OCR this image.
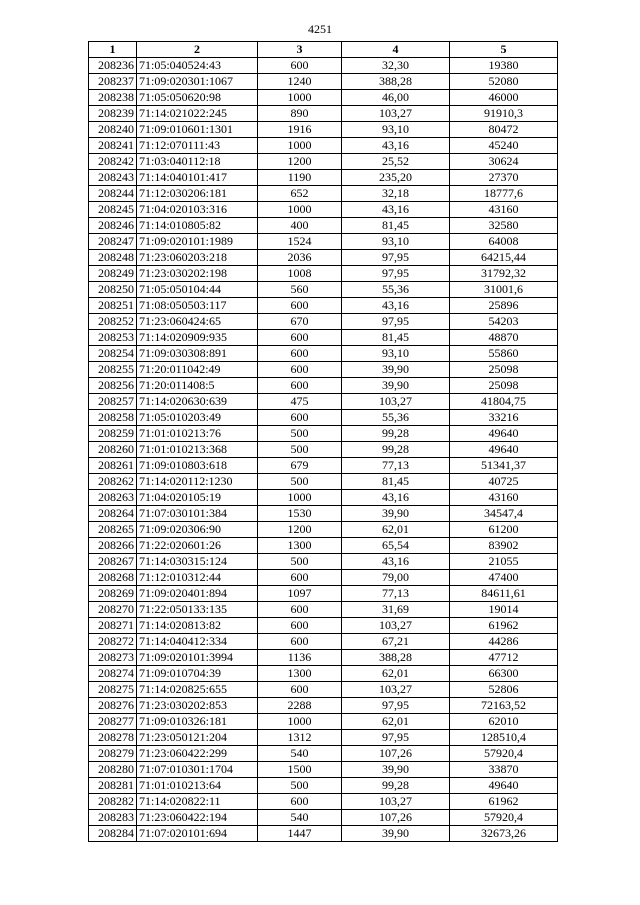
4251
1	2	3	4	5
208236	71:05:040524:43	600	32,30	19380
208237	71:09:020301:1067	1240	388,28	52080
208238	71:05:050620:98	1000	46,00	46000
208239	71:14:021022:245	890	103,27	91910,3
208240	71:09:010601:1301	1916	93,10	80472
208241	71:12:070111:43	1000	43,16	45240
208242	71:03:040112:18	1200	25,52	30624
208243	71:14:040101:417	1190	235,20	27370
208244	71:12:030206:181	652	32,18	18777,6
208245	71:04:020103:316	1000	43,16	43160
208246	71:14:010805:82	400	81,45	32580
208247	71:09:020101:1989	1524	93,10	64008
208248	71:23:060203:218	2036	97,95	64215,44
208249	71:23:030202:198	1008	97,95	31792,32
208250	71:05:050104:44	560	55,36	31001,6
208251	71:08:050503:117	600	43,16	25896
208252	71:23:060424:65	670	97,95	54203
208253	71:14:020909:935	600	81,45	48870
208254	71:09:030308:891	600	93,10	55860
208255	71:20:011042:49	600	39,90	25098
208256	71:20:011408:5	600	39,90	25098
208257	71:14:020630:639	475	103,27	41804,75
208258	71:05:010203:49	600	55,36	33216
208259	71:01:010213:76	500	99,28	49640
208260	71:01:010213:368	500	99,28	49640
208261	71:09:010803:618	679	77,13	51341,37
208262	71:14:020112:1230	500	81,45	40725
208263	71:04:020105:19	1000	43,16	43160
208264	71:07:030101:384	1530	39,90	34547,4
208265	71:09:020306:90	1200	62,01	61200
208266	71:22:020601:26	1300	65,54	83902
208267	71:14:030315:124	500	43,16	21055
208268	71:12:010312:44	600	79,00	47400
208269	71:09:020401:894	1097	77,13	84611,61
208270	71:22:050133:135	600	31,69	19014
208271	71:14:020813:82	600	103,27	61962
208272	71:14:040412:334	600	67,21	44286
208273	71:09:020101:3994	1136	388,28	47712
208274	71:09:010704:39	1300	62,01	66300
208275	71:14:020825:655	600	103,27	52806
208276	71:23:030202:853	2288	97,95	72163,52
208277	71:09:010326:181	1000	62,01	62010
208278	71:23:050121:204	1312	97,95	128510,4
208279	71:23:060422:299	540	107,26	57920,4
208280	71:07:010301:1704	1500	39,90	33870
208281	71:01:010213:64	500	99,28	49640
208282	71:14:020822:11	600	103,27	61962
208283	71:23:060422:194	540	107,26	57920,4
208284	71:07:020101:694	1447	39,90	32673,26
